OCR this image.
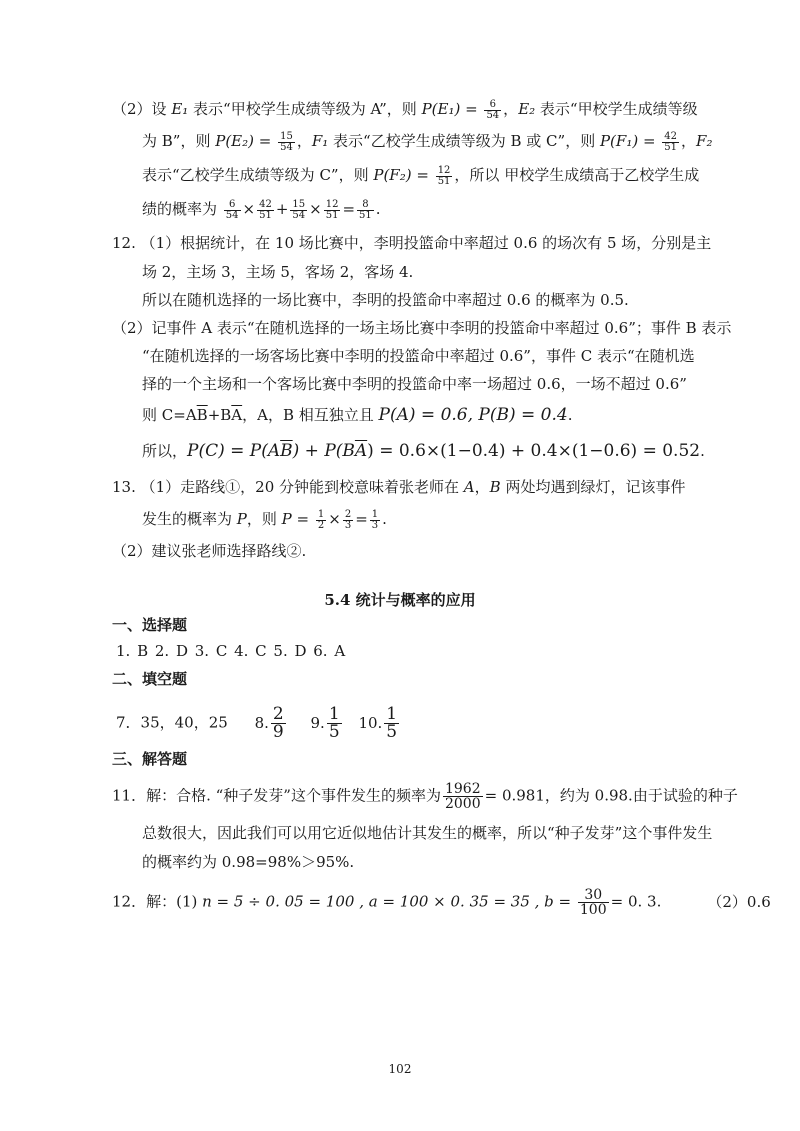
（2）设 E₁ 表示“甲校学生成绩等级为 A”，则 $P(E_1) = \frac{6}{54}$ ，E₂ 表示“甲校学生成绩等级
为 B”，则 $P(E_2) = \frac{15}{54}$ ，F₁ 表示“乙校学生成绩等级为 B 或 C”，则 $P(F_1) = \frac{42}{51}$ ，F₂
表示“乙校学生成绩等级为 C”，则 $P(F_2) = \frac{12}{51}$ ，所以 甲校学生成绩高于乙校学生成
绩的概率为 $\frac{6}{54} \times \frac{42}{51} + \frac{15}{54} \times \frac{12}{51} = \frac{8}{51}$ .
12. （1）根据统计，在 10 场比赛中，李明投篮命中率超过 0.6 的场次有 5 场，分别是主
场 2，主场 3，主场 5，客场 2，客场 4.
所以在随机选择的一场比赛中，李明的投篮命中率超过 0.6 的概率为 0.5.
（2）记事件 A 表示“在随机选择的一场主场比赛中李明的投篮命中率超过 0.6”；事件 B 表示
“在随机选择的一场客场比赛中李明的投篮命中率超过 0.6”，事件 C 表示“在随机选
择的一个主场和一个客场比赛中李明的投篮命中率一场超过 0.6，一场不超过 0.6”
则 $C=A\overline{B}+B\overline{A}$，A，B 相互独立且 P(A) = 0.6, P(B) = 0.4.
所以，$P(C) = P(A\overline{B}) + P(B\overline{A}) = 0.6\times(1-0.4) + 0.4\times(1-0.6) = 0.52$.
13. （1）走路线①，20 分钟能到校意味着张老师在 A，B 两处均遇到绿灯，记该事件
发生的概率为 P，则 $P = \frac{1}{2} \times \frac{2}{3} = \frac{1}{3}$ .
（2）建议张老师选择路线②.
5.4 统计与概率的应用
一、选择题
1. B 2. D 3. C 4. C 5. D 6. A
二、填空题
7．35，40，25 8. $\frac{2}{9} 9$. $\frac{1}{5} 10$. $\frac{1}{5}$
三、解答题
11．解：合格. “种子发芽”这个事件发生的频率为 $\frac{1962}{2000} = 0.981$，约为 0.98.由于试验的种子
总数很大，因此我们可以用它近似地估计其发生的概率，所以“种子发芽”这个事件发生
的概率约为 0.98=98%＞95%.
12．解：(1) n = 5 ÷ 0. 05 = 100 , a = 100 × 0. 35 = 35 , $b = \frac{30}{100} = 0$. 3.	（2）0.6
102
